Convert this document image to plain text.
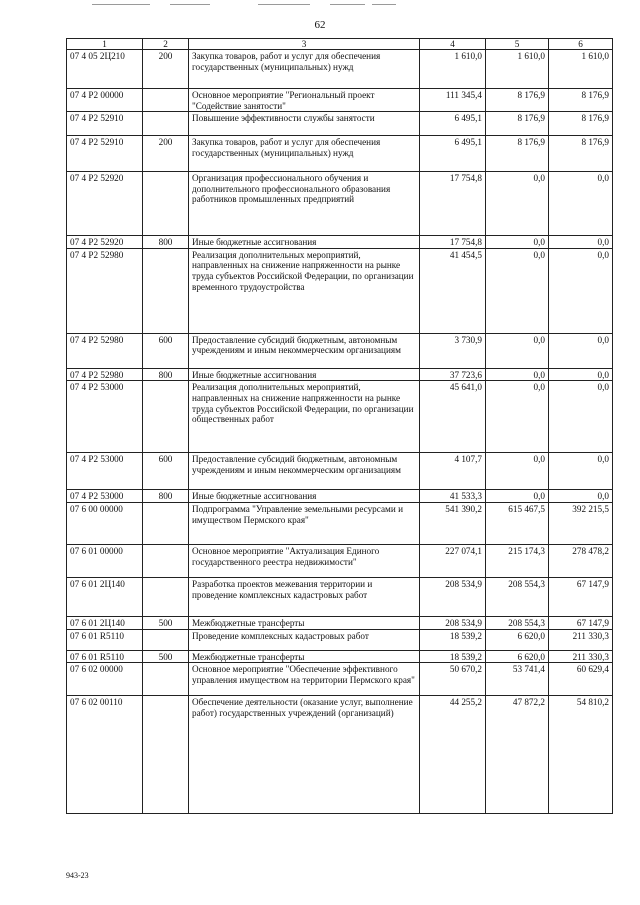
62
1	2	3	4	5	6
07 4 05 2Ц210	200	Закупка товаров, работ и услуг для обеспечения государственных (муниципальных) нужд	1 610,0	1 610,0	1 610,0
07 4 Р2 00000		Основное мероприятие "Региональный проект "Содействие занятости"	111 345,4	8 176,9	8 176,9
07 4 Р2 52910		Повышение эффективности службы занятости	6 495,1	8 176,9	8 176,9
07 4 Р2 52910	200	Закупка товаров, работ и услуг для обеспечения государственных (муниципальных) нужд	6 495,1	8 176,9	8 176,9
07 4 Р2 52920		Организация профессионального обучения и дополнительного профессионального образования работников промышленных предприятий	17 754,8	0,0	0,0
07 4 Р2 52920	800	Иные бюджетные ассигнования	17 754,8	0,0	0,0
07 4 Р2 52980		Реализация дополнительных мероприятий, направленных на снижение напряженности на рынке труда субъектов Российской Федерации, по организации временного трудоустройства	41 454,5	0,0	0,0
07 4 Р2 52980	600	Предоставление субсидий бюджетным, автономным учреждениям и иным некоммерческим организациям	3 730,9	0,0	0,0
07 4 Р2 52980	800	Иные бюджетные ассигнования	37 723,6	0,0	0,0
07 4 Р2 53000		Реализация дополнительных мероприятий, направленных на снижение напряженности на рынке труда субъектов Российской Федерации, по организации общественных работ	45 641,0	0,0	0,0
07 4 Р2 53000	600	Предоставление субсидий бюджетным, автономным учреждениям и иным некоммерческим организациям	4 107,7	0,0	0,0
07 4 Р2 53000	800	Иные бюджетные ассигнования	41 533,3	0,0	0,0
07 6 00 00000		Подпрограмма "Управление земельными ресурсами и имуществом Пермского края"	541 390,2	615 467,5	392 215,5
07 6 01 00000		Основное мероприятие "Актуализация Единого государственного реестра недвижимости"	227 074,1	215 174,3	278 478,2
07 6 01 2Ц140		Разработка проектов межевания территории и проведение комплексных кадастровых работ	208 534,9	208 554,3	67 147,9
07 6 01 2Ц140	500	Межбюджетные трансферты	208 534,9	208 554,3	67 147,9
07 6 01 R5110		Проведение комплексных кадастровых работ	18 539,2	6 620,0	211 330,3
07 6 01 R5110	500	Межбюджетные трансферты	18 539,2	6 620,0	211 330,3
07 6 02 00000		Основное мероприятие "Обеспечение эффективного управления имуществом на территории Пермского края"	50 670,2	53 741,4	60 629,4
07 6 02 00110		Обеспечение деятельности (оказание услуг, выполнение работ) государственных учреждений (организаций)	44 255,2	47 872,2	54 810,2
943-23
